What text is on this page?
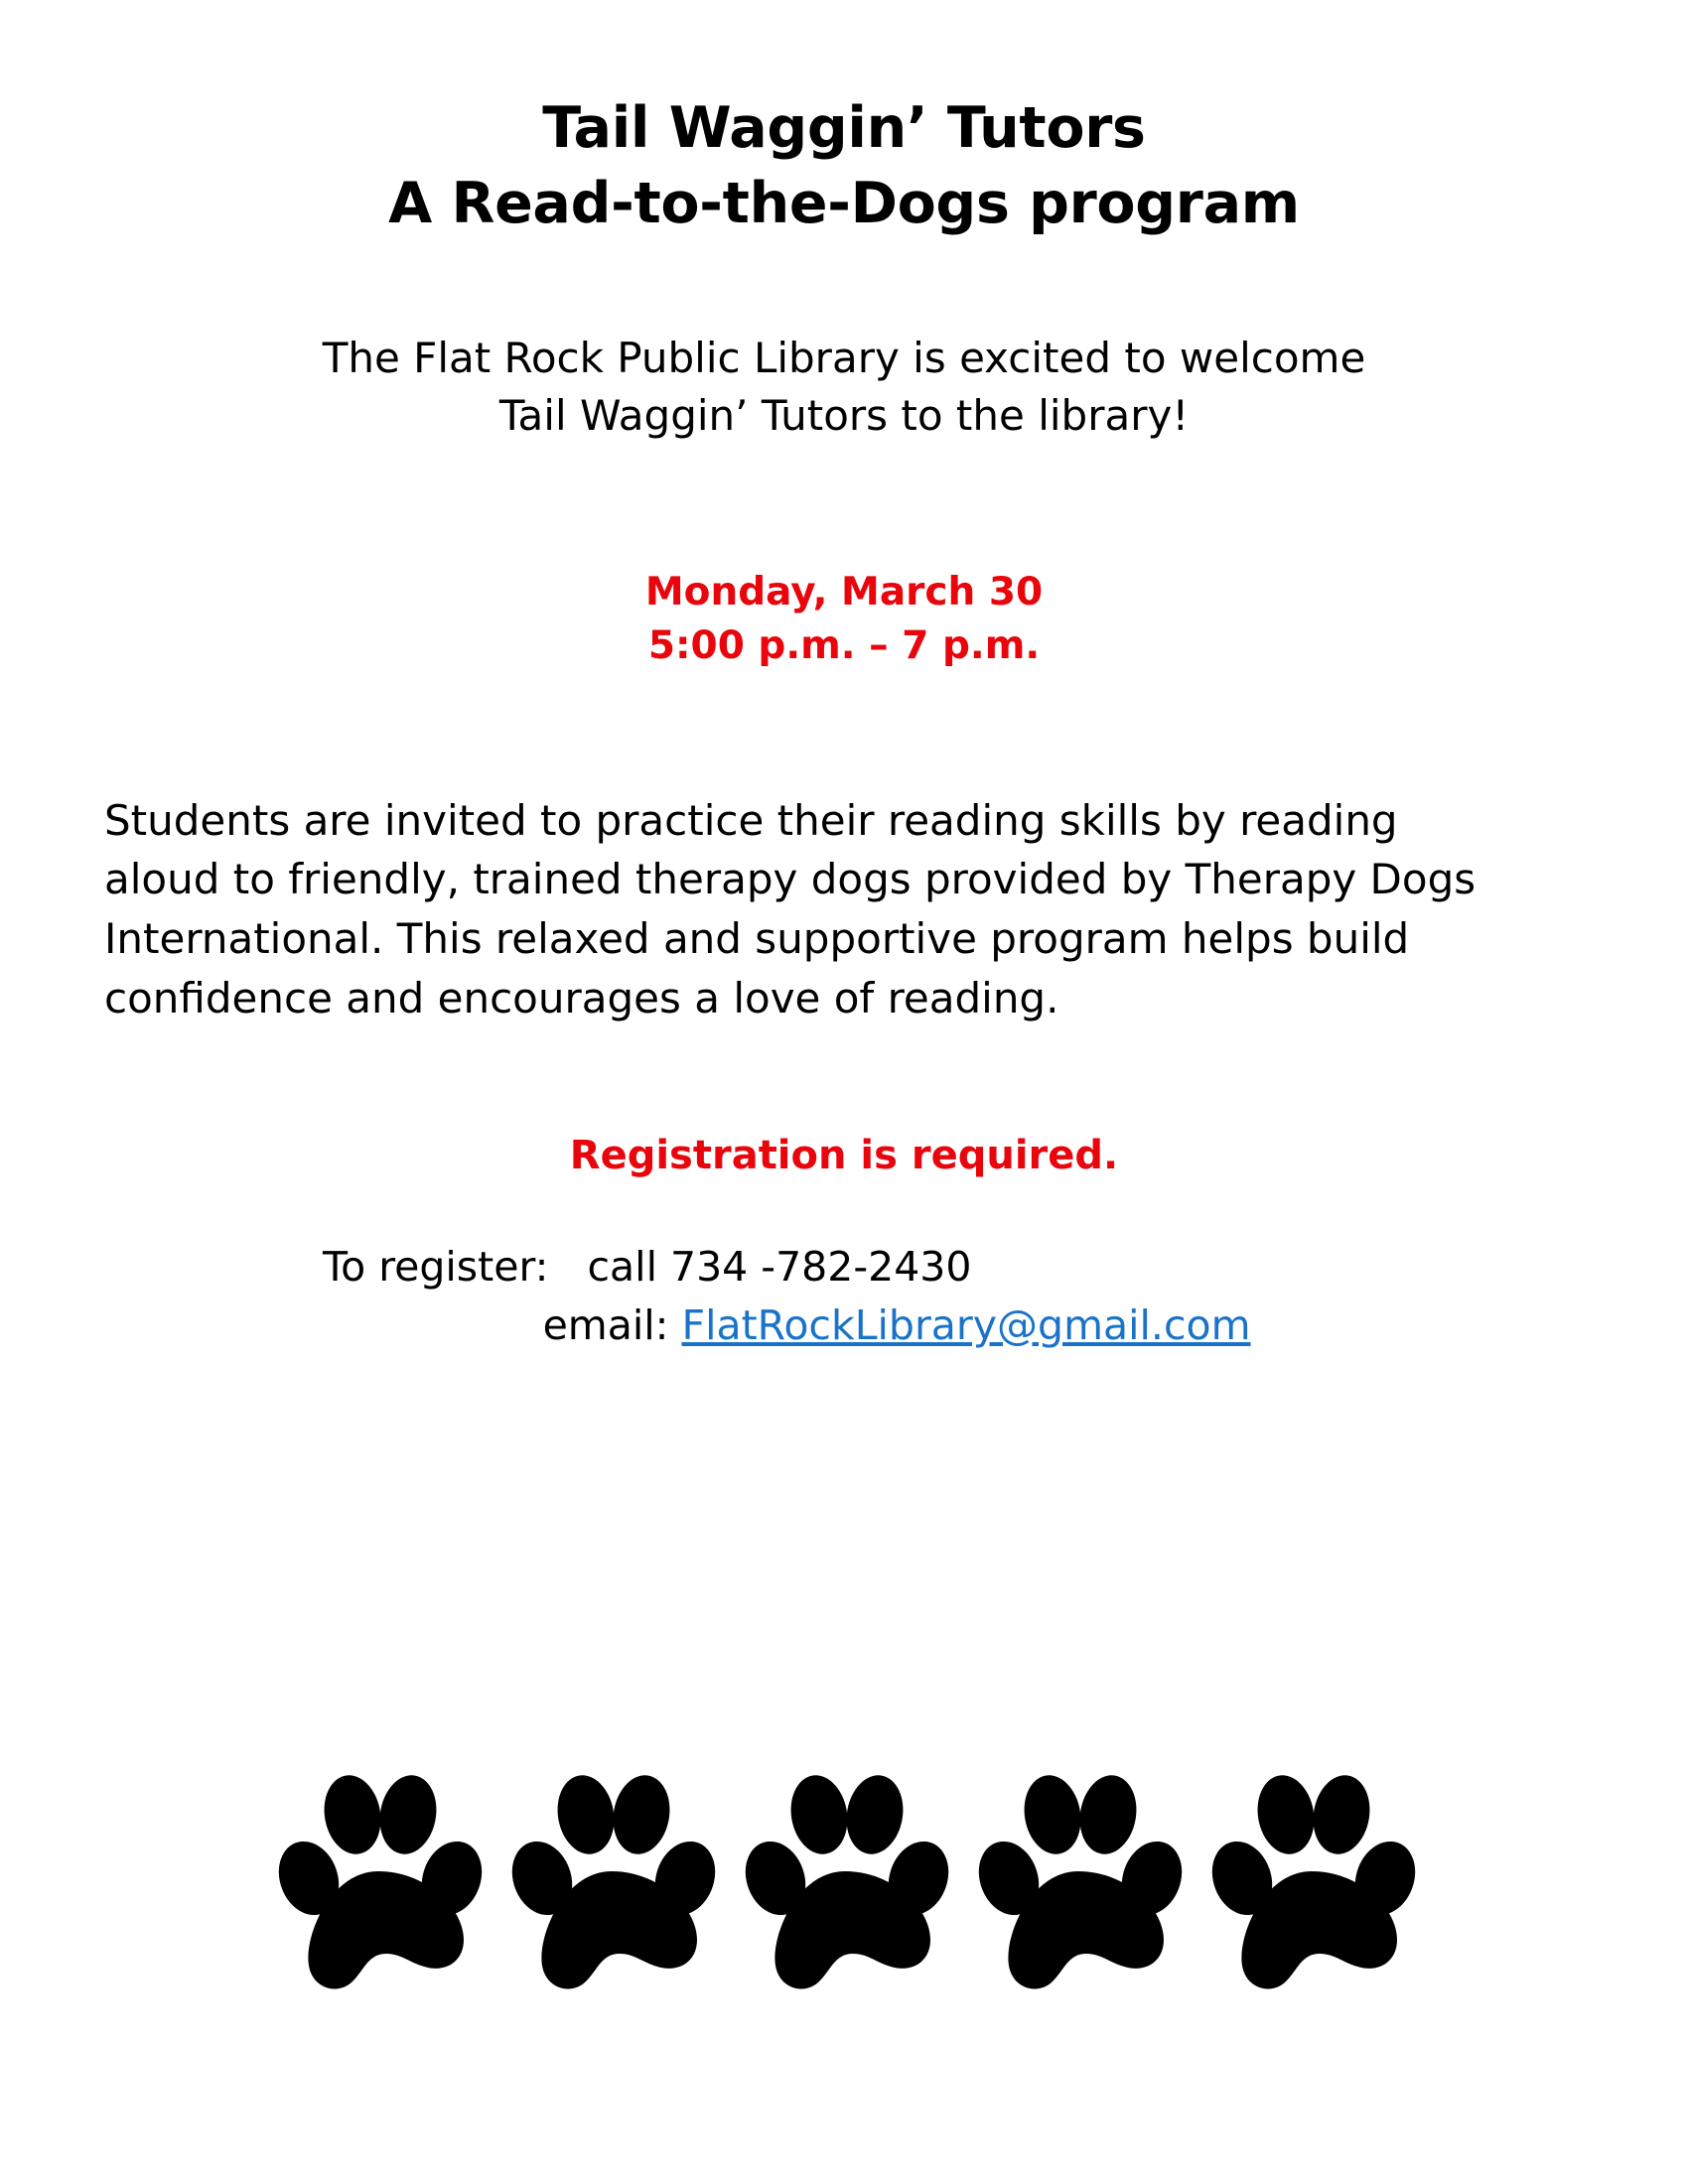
Tail Waggin’ Tutors
A Read-to-the-Dogs program
The Flat Rock Public Library is excited to welcome
Tail Waggin’ Tutors to the library!
Monday, March 30
5:00 p.m. – 7 p.m.

Students are invited to practice their reading skills by reading aloud to friendly, trained therapy dogs provided by Therapy Dogs International. This relaxed and supportive program helps build confidence and encourages a love of reading.

Registration is required.
To register: call 734 -782-2430
email: FlatRockLibrary@gmail.com
